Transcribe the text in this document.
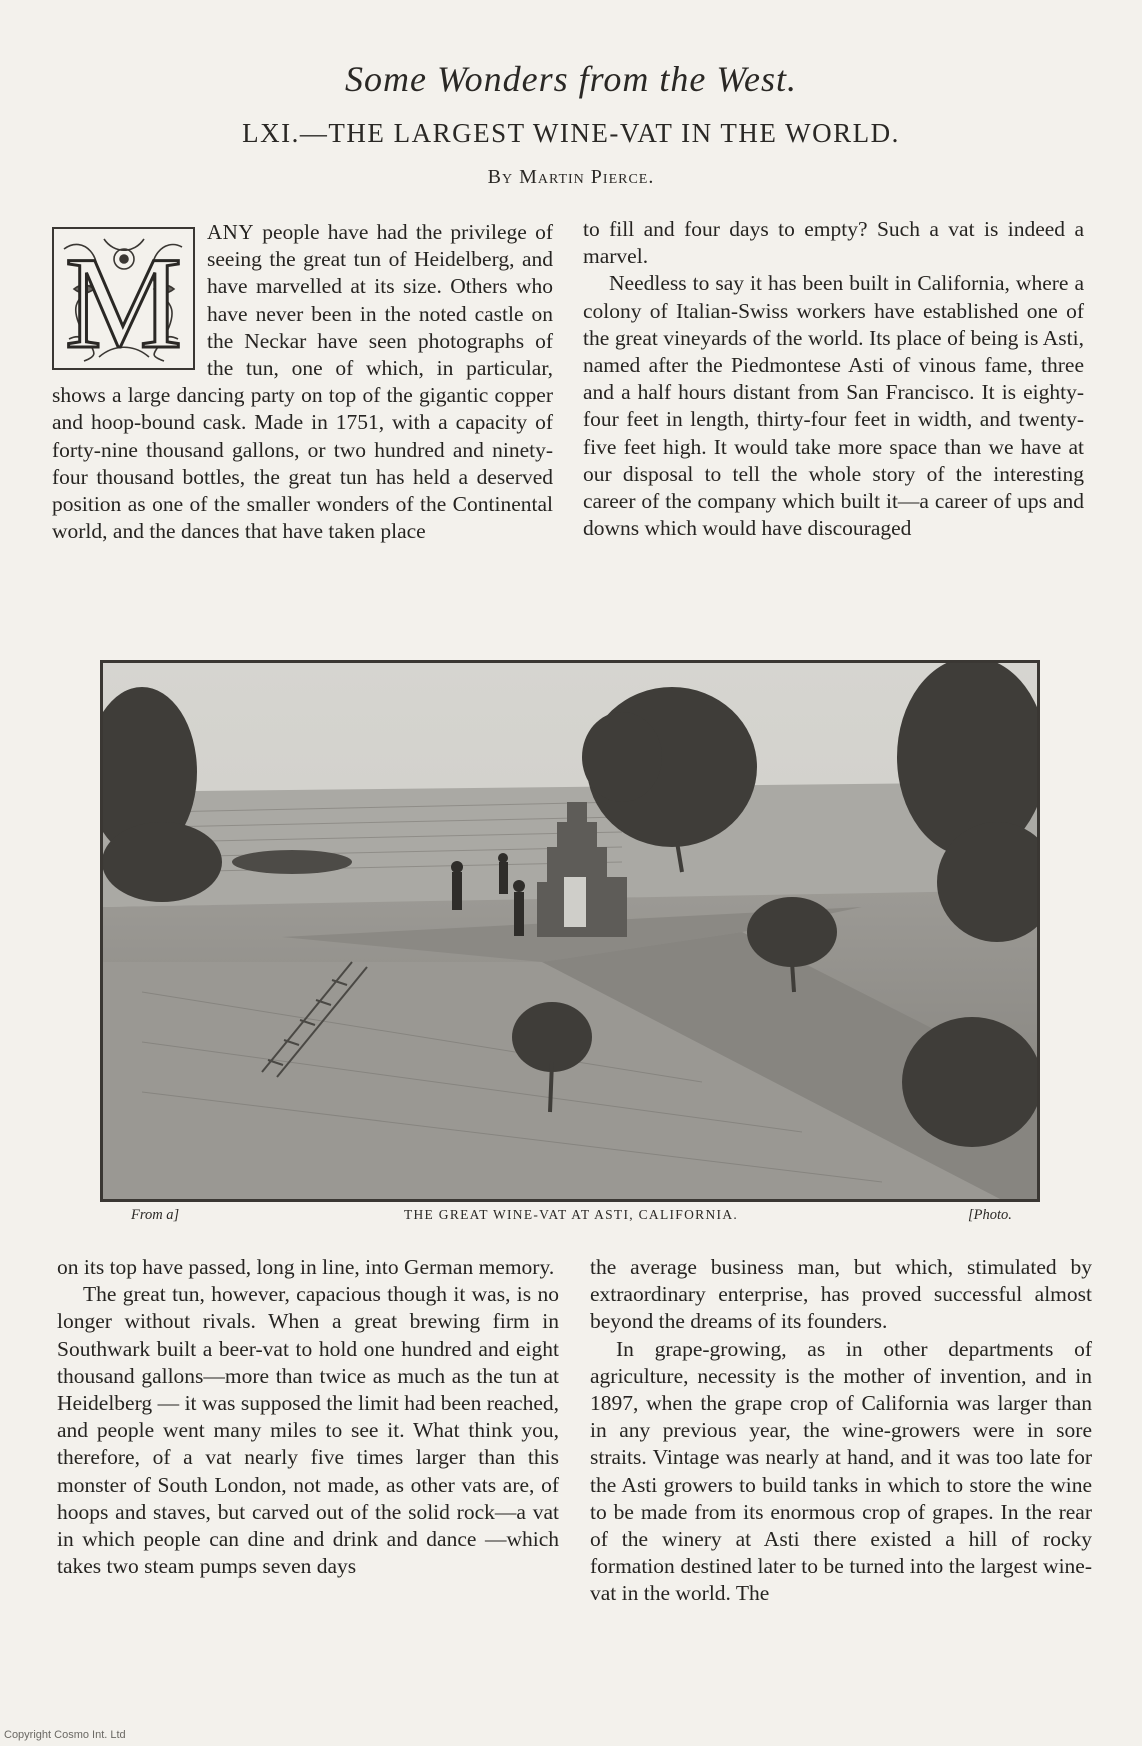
Some Wonders from the West.
LXI.—THE LARGEST WINE-VAT IN THE WORLD.
By Martin Pierce.

M ANY people have had the privilege of seeing the great tun of Heidelberg, and have marvelled at its size. Others who have never been in the noted castle on the Neckar have seen photographs of the tun, one of which, in particular, shows a large dancing party on top of the gigantic copper and hoop-bound cask. Made in 1751, with a capacity of forty-nine thousand gallons, or two hundred and ninety-four thousand bottles, the great tun has held a deserved position as one of the smaller wonders of the Continental world, and the dances that have taken place

to fill and four days to empty? Such a vat is indeed a marvel.

Needless to say it has been built in California, where a colony of Italian-Swiss workers have established one of the great vineyards of the world. Its place of being is Asti, named after the Piedmontese Asti of vinous fame, three and a half hours distant from San Francisco. It is eighty-four feet in length, thirty-four feet in width, and twenty-five feet high. It would take more space than we have at our disposal to tell the whole story of the interesting career of the company which built it—a career of ups and downs which would have discouraged

From a]	THE GREAT WINE-VAT AT ASTI, CALIFORNIA.	[Photo.

on its top have passed, long in line, into German memory.

The great tun, however, capacious though it was, is no longer without rivals. When a great brewing firm in Southwark built a beer-vat to hold one hundred and eight thousand gallons—more than twice as much as the tun at Heidelberg — it was supposed the limit had been reached, and people went many miles to see it. What think you, therefore, of a vat nearly five times larger than this monster of South London, not made, as other vats are, of hoops and staves, but carved out of the solid rock—a vat in which people can dine and drink and dance —which takes two steam pumps seven days

the average business man, but which, stimulated by extraordinary enterprise, has proved successful almost beyond the dreams of its founders.

In grape-growing, as in other departments of agriculture, necessity is the mother of invention, and in 1897, when the grape crop of California was larger than in any previous year, the wine-growers were in sore straits. Vintage was nearly at hand, and it was too late for the Asti growers to build tanks in which to store the wine to be made from its enormous crop of grapes. In the rear of the winery at Asti there existed a hill of rocky formation destined later to be turned into the largest wine-vat in the world. The

Copyright Cosmo Int. Ltd
